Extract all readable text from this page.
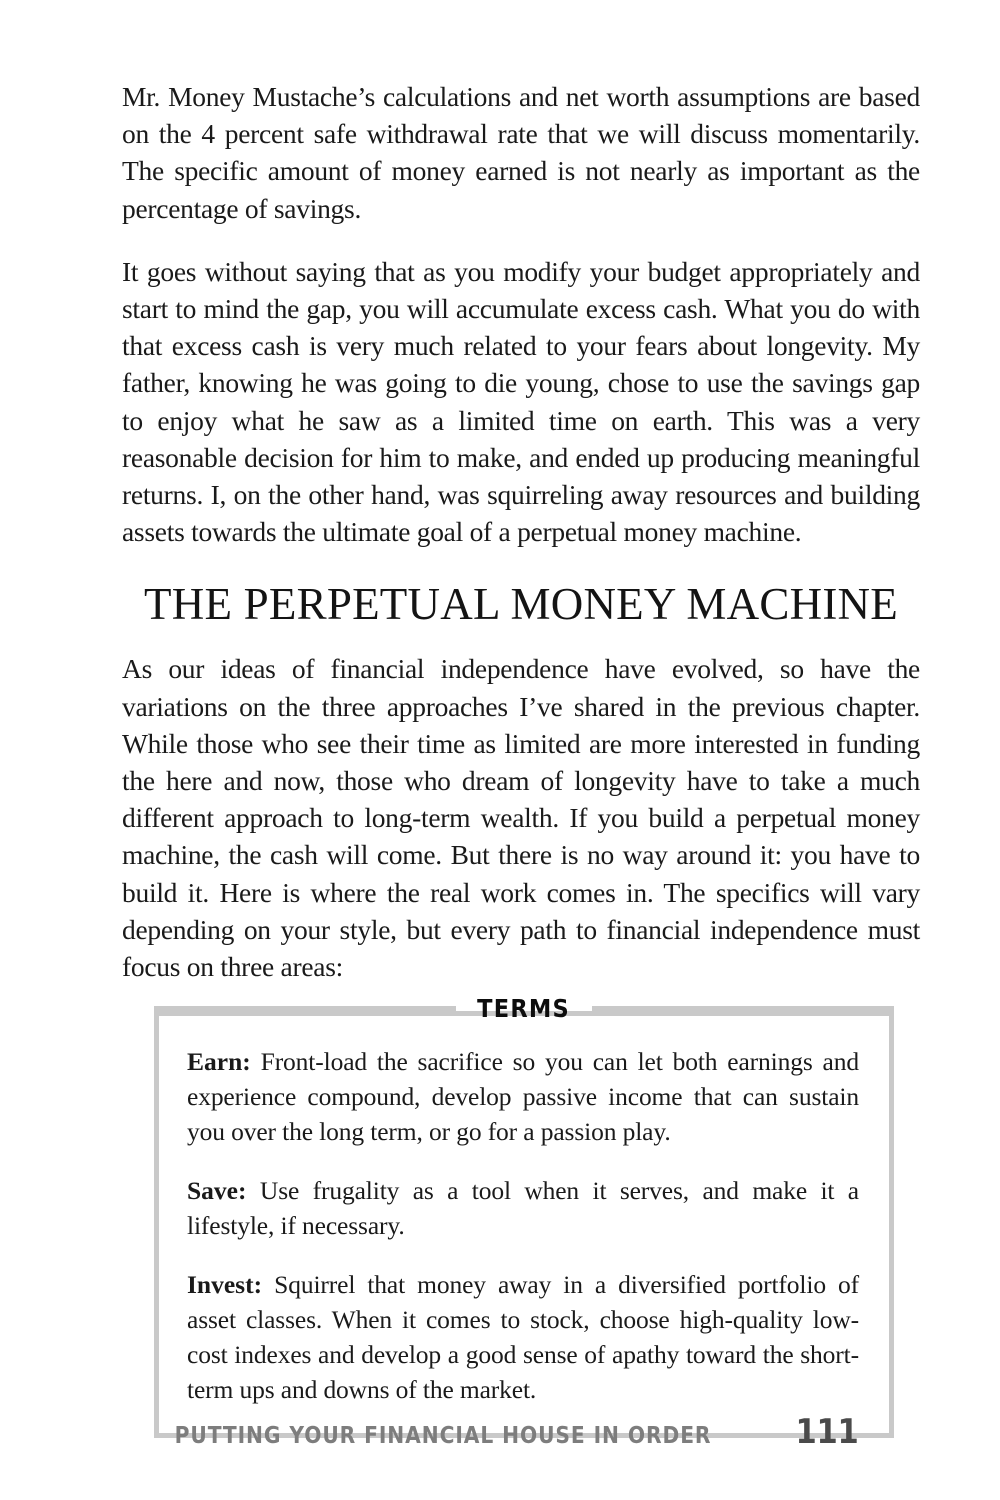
Mr. Money Mustache’s calculations and net worth assumptions are based on the 4 percent safe withdrawal rate that we will discuss momentarily. The specific amount of money earned is not nearly as important as the percentage of savings.

It goes without saying that as you modify your budget appropriately and start to mind the gap, you will accumulate excess cash. What you do with that excess cash is very much related to your fears about longevity. My father, knowing he was going to die young, chose to use the savings gap to enjoy what he saw as a limited time on earth. This was a very reasonable decision for him to make, and ended up producing meaningful returns. I, on the other hand, was squirreling away resources and building assets towards the ultimate goal of a perpetual money machine.

THE PERPETUAL MONEY MACHINE

As our ideas of financial independence have evolved, so have the variations on the three approaches I’ve shared in the previous chapter. While those who see their time as limited are more interested in funding the here and now, those who dream of longevity have to take a much different approach to long-term wealth. If you build a perpetual money machine, the cash will come. But there is no way around it: you have to build it. Here is where the real work comes in. The specifics will vary depending on your style, but every path to financial independence must focus on three areas:

TERMS

Earn: Front-load the sacrifice so you can let both earnings and experience compound, develop passive income that can sustain you over the long term, or go for a passion play.

Save: Use frugality as a tool when it serves, and make it a lifestyle, if necessary.

Invest: Squirrel that money away in a diversified portfolio of asset classes. When it comes to stock, choose high-quality low-cost indexes and develop a good sense of apathy toward the short-term ups and downs of the market.

PUTTING YOUR FINANCIAL HOUSE IN ORDER 111
